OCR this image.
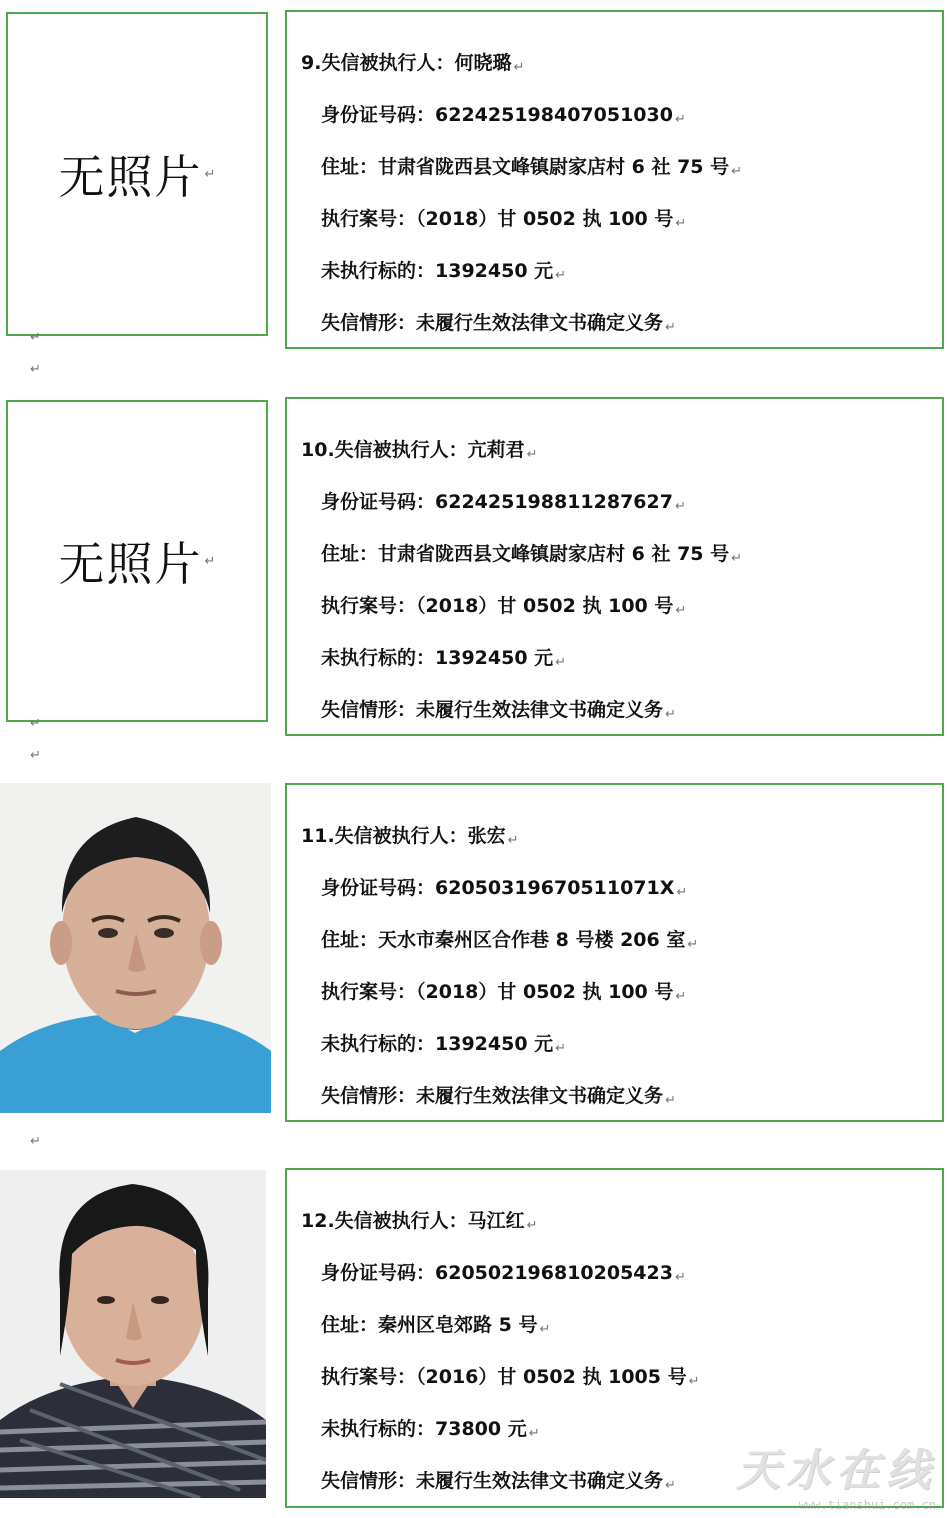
无照片 ↵
9.失信被执行人：何晓璐 ↵
身份证号码：622425198407051030 ↵
住址：甘肃省陇西县文峰镇尉家店村 6 社 75 号 ↵
执行案号：（2018）甘 0502 执 100 号 ↵
未执行标的：1392450 元 ↵
失信情形：未履行生效法律文书确定义务 ↵
↵
↵
无照片 ↵
10.失信被执行人：亢莉君 ↵
身份证号码：622425198811287627 ↵
住址：甘肃省陇西县文峰镇尉家店村 6 社 75 号 ↵
执行案号：（2018）甘 0502 执 100 号 ↵
未执行标的：1392450 元 ↵
失信情形：未履行生效法律文书确定义务 ↵
↵
↵
11.失信被执行人：张宏 ↵
身份证号码：62050319670511071X ↵
住址：天水市秦州区合作巷 8 号楼 206 室 ↵
执行案号：（2018）甘 0502 执 100 号 ↵
未执行标的：1392450 元 ↵
失信情形：未履行生效法律文书确定义务 ↵
↵
12.失信被执行人：马江红 ↵
身份证号码：620502196810205423 ↵
住址：秦州区皂郊路 5 号 ↵
执行案号：（2016）甘 0502 执 1005 号 ↵
未执行标的：73800 元 ↵
失信情形：未履行生效法律文书确定义务 ↵ 天水在线
www.tianshui.com.cn
